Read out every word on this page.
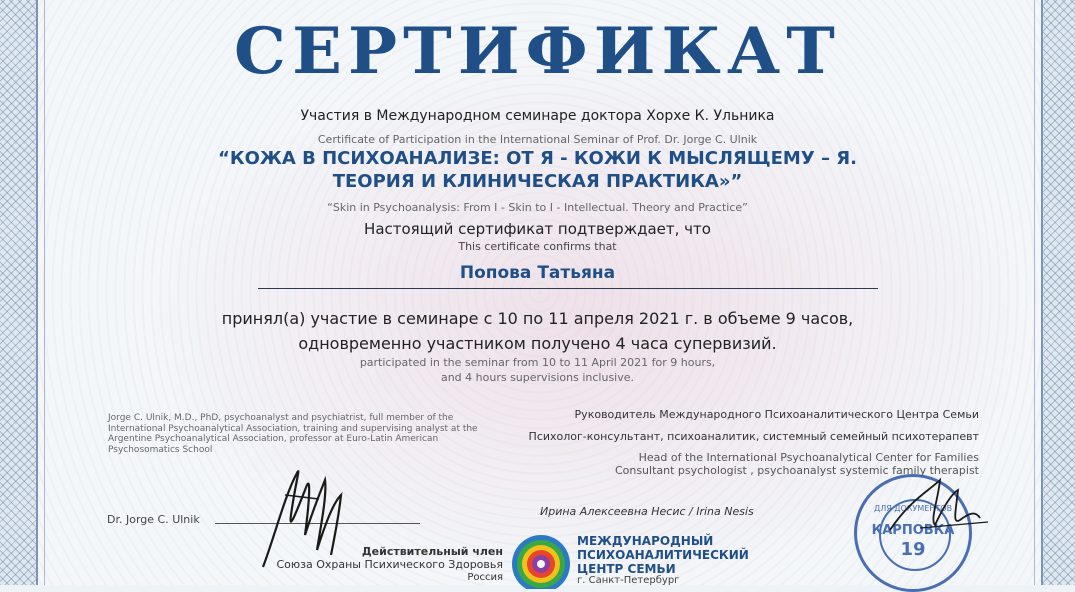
СЕРТИФИКАТ
Участия в Международном семинаре доктора Хорхе К. Ульника
Certificate of Participation in the International Seminar of Prof. Dr. Jorge C. Ulnik
“КОЖА В ПСИХОАНАЛИЗЕ: ОТ Я - КОЖИ К МЫСЛЯЩЕМУ – Я.
ТЕОРИЯ И КЛИНИЧЕСКАЯ ПРАКТИКА»”
“Skin in Psychoanalysis: From I - Skin to I - Intellectual. Theory and Practice”
Настоящий сертификат подтверждает, что
This certificate confirms that
Попова Татьяна
принял(а) участие в семинаре с 10 по 11 апреля 2021 г. в объеме 9 часов,
одновременно участником получено 4 часа супервизий.
participated in the seminar from 10 to 11 April 2021 for 9 hours,
and 4 hours supervisions inclusive.
Jorge C. Ulnik, M.D., PhD, psychoanalyst and psychiatrist, full member of the International Psychoanalytical Association, training and supervising analyst at the Argentine Psychoanalytical Association, professor at Euro-Latin American Psychosomatics School
Руководитель Международного Психоаналитического Центра Семьи
Психолог-консультант, психоаналитик, системный семейный психотерапевт
Head of the International Psychoanalytical Center for Families
Consultant psychologist , psychoanalyst systemic family therapist
Dr. Jorge C. Ulnik
Ирина Алексеевна Несис / Irina Nesis
Действительный член
Союза Охраны Психического Здоровья
Россия
МЕЖДУНАРОДНЫЙ
ПСИХОАНАЛИТИЧЕСКИЙ
ЦЕНТР СЕМЬИ
г. Санкт-Петербург
ДЛЯ ДОКУМЕНТОВ
КАРПОВКА
19
